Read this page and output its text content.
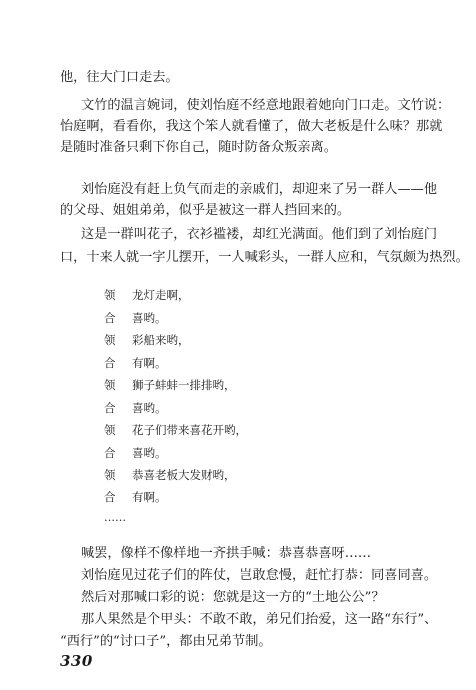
他，往大门口走去。
文竹的温言婉词，使刘怡庭不经意地跟着她向门口走。文竹说：
怡庭啊，看看你，我这个笨人就看懂了，做大老板是什么味？那就
是随时准备只剩下你自己，随时防备众叛亲离。
刘怡庭没有赶上负气而走的亲戚们，却迎来了另一群人——他
的父母、姐姐弟弟，似乎是被这一群人挡回来的。
这是一群叫花子，衣衫褴褛，却红光满面。他们到了刘怡庭门
口，十来人就一字儿摆开，一人喊彩头，一群人应和，气氛颇为热烈。
领 龙灯走啊，
合 喜哟。
领 彩船来哟，
合 有啊。
领 狮子蚌蚌一排排哟，
合 喜哟。
领 花子们带来喜花开哟，
合 喜哟。
领 恭喜老板大发财哟，
合 有啊。
……
喊罢，像样不像样地一齐拱手喊：恭喜恭喜呀……
刘怡庭见过花子们的阵仗，岂敢怠慢，赶忙打恭：同喜同喜。
然后对那喊口彩的说：您就是这一方的“土地公公”？
那人果然是个甲头：不敢不敢，弟兄们抬爱，这一路“东行”、
“西行”的“讨口子”，都由兄弟节制。
330
